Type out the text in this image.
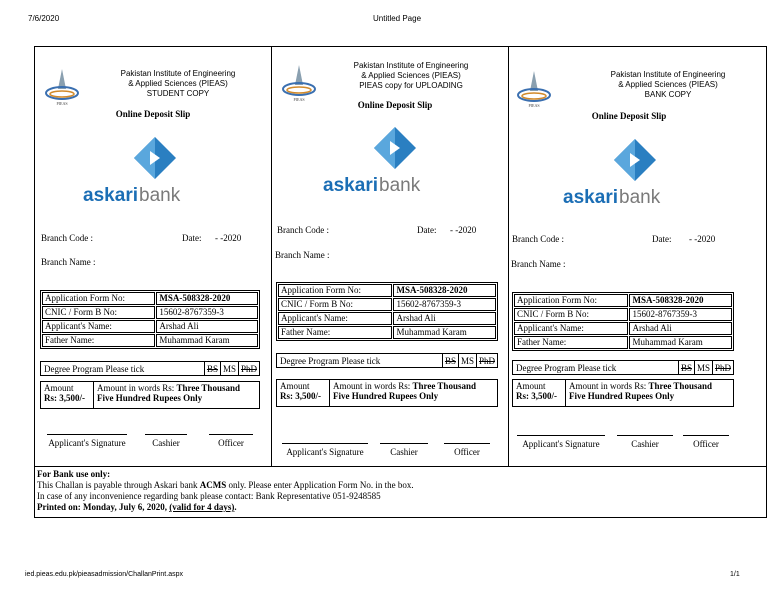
7/6/2020	Untitled Page
PIEAS
Pakistan Institute of Engineering
& Applied Sciences (PIEAS)
STUDENT COPY
Online Deposit Slip
askari bank
Branch Code :	Date: - -2020
Branch Name :
Application Form No:	MSA-508328-2020
CNIC / Form B No:	15602-8767359-3
Applicant's Name:	Arshad Ali
Father Name:	Muhammad Karam
Degree Program Please tick	BS MS PhD
Amount
Rs: 3,500/-
Amount in words Rs: Three Thousand Five Hundred Rupees Only
Applicant's Signature	Cashier	Officer
PIEAS
Pakistan Institute of Engineering
& Applied Sciences (PIEAS)
PIEAS copy for UPLOADING
Online Deposit Slip
askari bank
Branch Code :	Date: - -2020
Branch Name :
Application Form No:	MSA-508328-2020
CNIC / Form B No:	15602-8767359-3
Applicant's Name:	Arshad Ali
Father Name:	Muhammad Karam
Degree Program Please tick	BS MS PhD
Amount
Rs: 3,500/-
Amount in words Rs: Three Thousand Five Hundred Rupees Only
Applicant's Signature	Cashier	Officer
PIEAS
Pakistan Institute of Engineering
& Applied Sciences (PIEAS)
BANK COPY
Online Deposit Slip
askari bank
Branch Code :	Date: - -2020
Branch Name :
Application Form No:	MSA-508328-2020
CNIC / Form B No:	15602-8767359-3
Applicant's Name:	Arshad Ali
Father Name:	Muhammad Karam
Degree Program Please tick	BS MS PhD
Amount
Rs: 3,500/-
Amount in words Rs: Three Thousand Five Hundred Rupees Only
Applicant's Signature	Cashier	Officer
For Bank use only:
This Challan is payable through Askari bank ACMS only. Please enter Application Form No. in the box.
In case of any inconvenience regarding bank please contact: Bank Representative 051-9248585
Printed on: Monday, July 6, 2020, (valid for 4 days).
ied.pieas.edu.pk/pieasadmission/ChallanPrint.aspx	1/1
